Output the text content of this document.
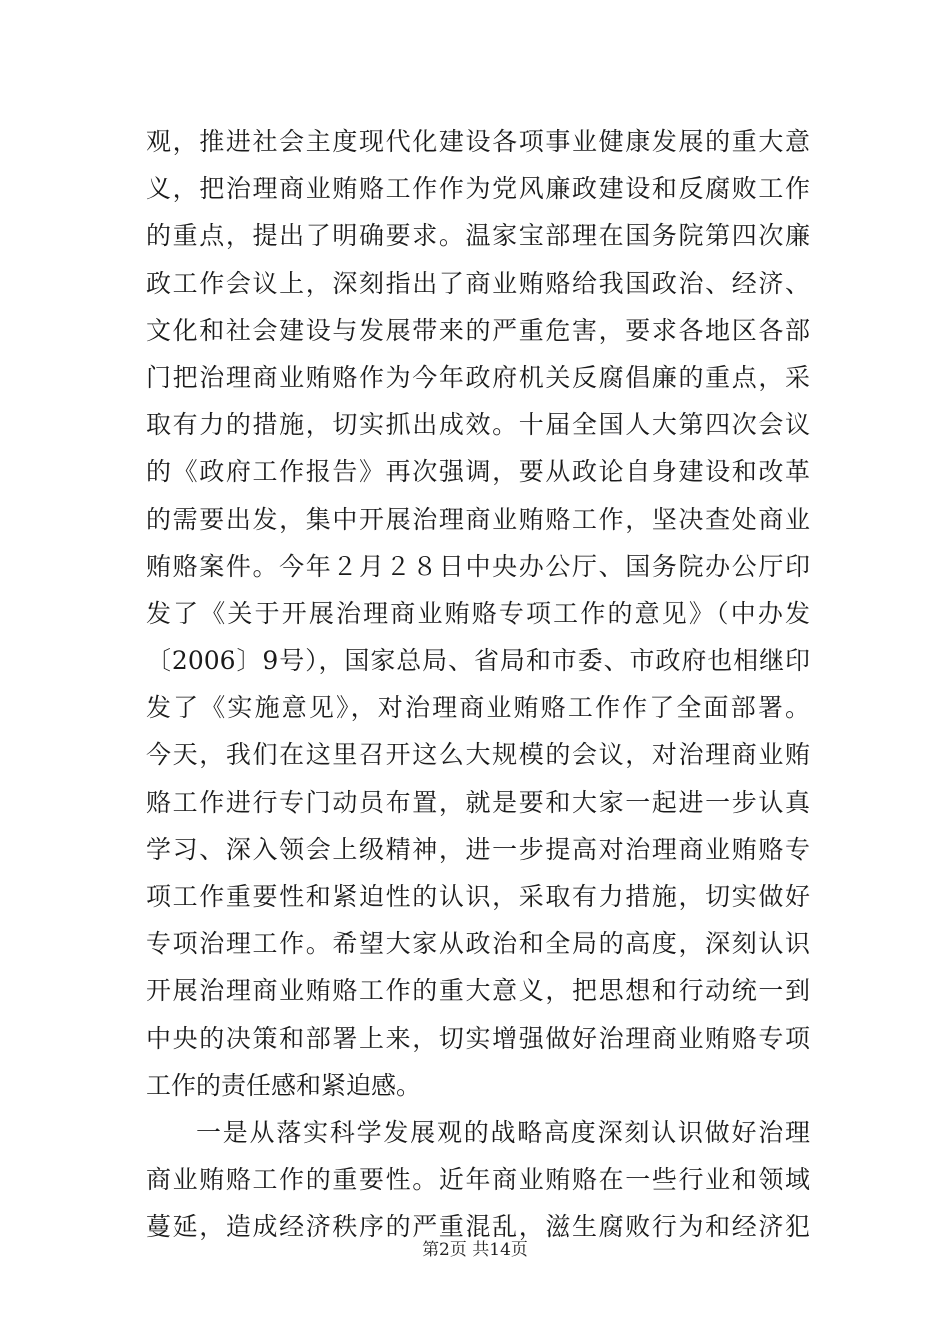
观，推进社会主度现代化建设各项事业健康发展的重大意
义，把治理商业贿赂工作作为党风廉政建设和反腐败工作
的重点，提出了明确要求。温家宝部理在国务院第四次廉
政工作会议上，深刻指出了商业贿赂给我国政治、经济、
文化和社会建设与发展带来的严重危害，要求各地区各部
门把治理商业贿赂作为今年政府机关反腐倡廉的重点，采
取有力的措施，切实抓出成效。十届全国人大第四次会议
的《政府工作报告》再次强调，要从政论自身建设和改革
的需要出发，集中开展治理商业贿赂工作，坚决查处商业
贿赂案件。今年２月２８日中央办公厅、国务院办公厅印
发了《关于开展治理商业贿赂专项工作的意见》（中办发
〔2006〕9号），国家总局、省局和市委、市政府也相继印
发了《实施意见》，对治理商业贿赂工作作了全面部署。
今天，我们在这里召开这么大规模的会议，对治理商业贿
赂工作进行专门动员布置，就是要和大家一起进一步认真
学习、深入领会上级精神，进一步提高对治理商业贿赂专
项工作重要性和紧迫性的认识，采取有力措施，切实做好
专项治理工作。希望大家从政治和全局的高度，深刻认识
开展治理商业贿赂工作的重大意义，把思想和行动统一到
中央的决策和部署上来，切实增强做好治理商业贿赂专项
工作的责任感和紧迫感。
一是从落实科学发展观的战略高度深刻认识做好治理
商业贿赂工作的重要性。近年商业贿赂在一些行业和领域
蔓延，造成经济秩序的严重混乱，滋生腐败行为和经济犯
第2页 共14页
